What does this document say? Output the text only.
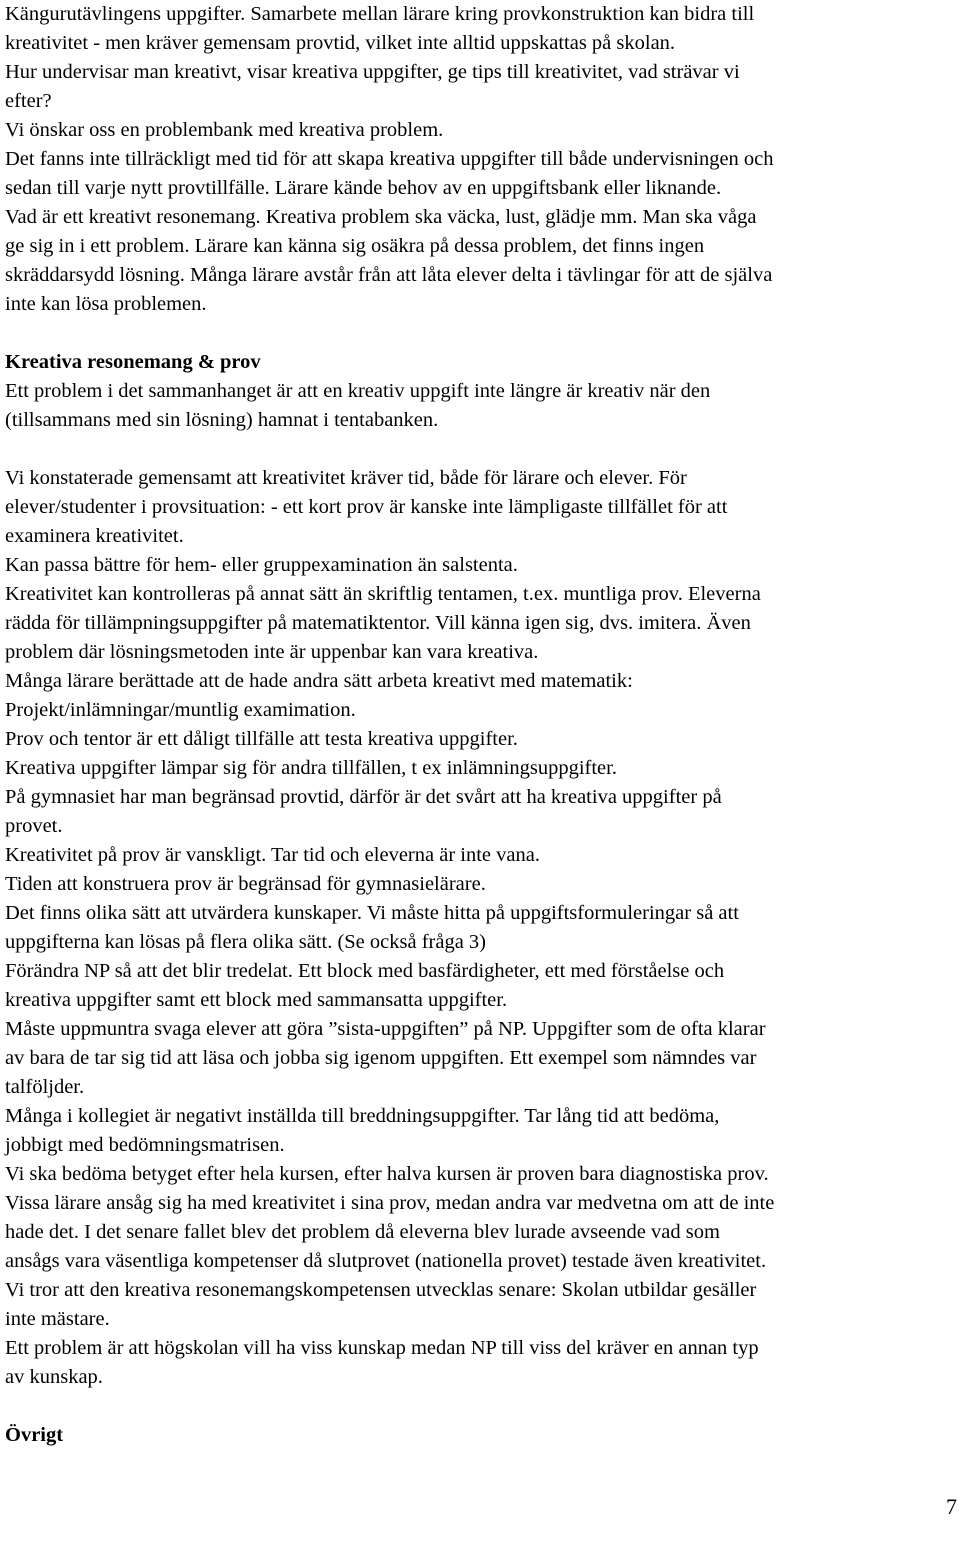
Kängurutävlingens uppgifter. Samarbete mellan lärare kring provkonstruktion kan bidra till
kreativitet - men kräver gemensam provtid, vilket inte alltid uppskattas på skolan.

Hur undervisar man kreativt, visar kreativa uppgifter, ge tips till kreativitet, vad strävar vi
efter?

Vi önskar oss en problembank med kreativa problem.

Det fanns inte tillräckligt med tid för att skapa kreativa uppgifter till både undervisningen och
sedan till varje nytt provtillfälle. Lärare kände behov av en uppgiftsbank eller liknande.

Vad är ett kreativt resonemang. Kreativa problem ska väcka, lust, glädje mm. Man ska våga
ge sig in i ett problem. Lärare kan känna sig osäkra på dessa problem, det finns ingen
skräddarsydd lösning. Många lärare avstår från att låta elever delta i tävlingar för att de själva
inte kan lösa problemen.

Kreativa resonemang & prov

Ett problem i det sammanhanget är att en kreativ uppgift inte längre är kreativ när den
(tillsammans med sin lösning) hamnat i tentabanken.

Vi konstaterade gemensamt att kreativitet kräver tid, både för lärare och elever. För
elever/studenter i provsituation: - ett kort prov är kanske inte lämpligaste tillfället för att
examinera kreativitet.

Kan passa bättre för hem- eller gruppexamination än salstenta.

Kreativitet kan kontrolleras på annat sätt än skriftlig tentamen, t.ex. muntliga prov. Eleverna
rädda för tillämpningsuppgifter på matematiktentor. Vill känna igen sig, dvs. imitera. Även
problem där lösningsmetoden inte är uppenbar kan vara kreativa.

Många lärare berättade att de hade andra sätt arbeta kreativt med matematik:
Projekt/inlämningar/muntlig examimation.

Prov och tentor är ett dåligt tillfälle att testa kreativa uppgifter.

Kreativa uppgifter lämpar sig för andra tillfällen, t ex inlämningsuppgifter.

På gymnasiet har man begränsad provtid, därför är det svårt att ha kreativa uppgifter på
provet.

Kreativitet på prov är vanskligt. Tar tid och eleverna är inte vana.

Tiden att konstruera prov är begränsad för gymnasielärare.

Det finns olika sätt att utvärdera kunskaper. Vi måste hitta på uppgiftsformuleringar så att
uppgifterna kan lösas på flera olika sätt. (Se också fråga 3)

Förändra NP så att det blir tredelat. Ett block med basfärdigheter, ett med förståelse och
kreativa uppgifter samt ett block med sammansatta uppgifter.

Måste uppmuntra svaga elever att göra ”sista-uppgiften” på NP. Uppgifter som de ofta klarar
av bara de tar sig tid att läsa och jobba sig igenom uppgiften. Ett exempel som nämndes var
talföljder.

Många i kollegiet är negativt inställda till breddningsuppgifter. Tar lång tid att bedöma,
jobbigt med bedömningsmatrisen.

Vi ska bedöma betyget efter hela kursen, efter halva kursen är proven bara diagnostiska prov.
Vissa lärare ansåg sig ha med kreativitet i sina prov, medan andra var medvetna om att de inte
hade det. I det senare fallet blev det problem då eleverna blev lurade avseende vad som
ansågs vara väsentliga kompetenser då slutprovet (nationella provet) testade även kreativitet.

Vi tror att den kreativa resonemangskompetensen utvecklas senare: Skolan utbildar gesäller
inte mästare.

Ett problem är att högskolan vill ha viss kunskap medan NP till viss del kräver en annan typ
av kunskap.

Övrigt

7
